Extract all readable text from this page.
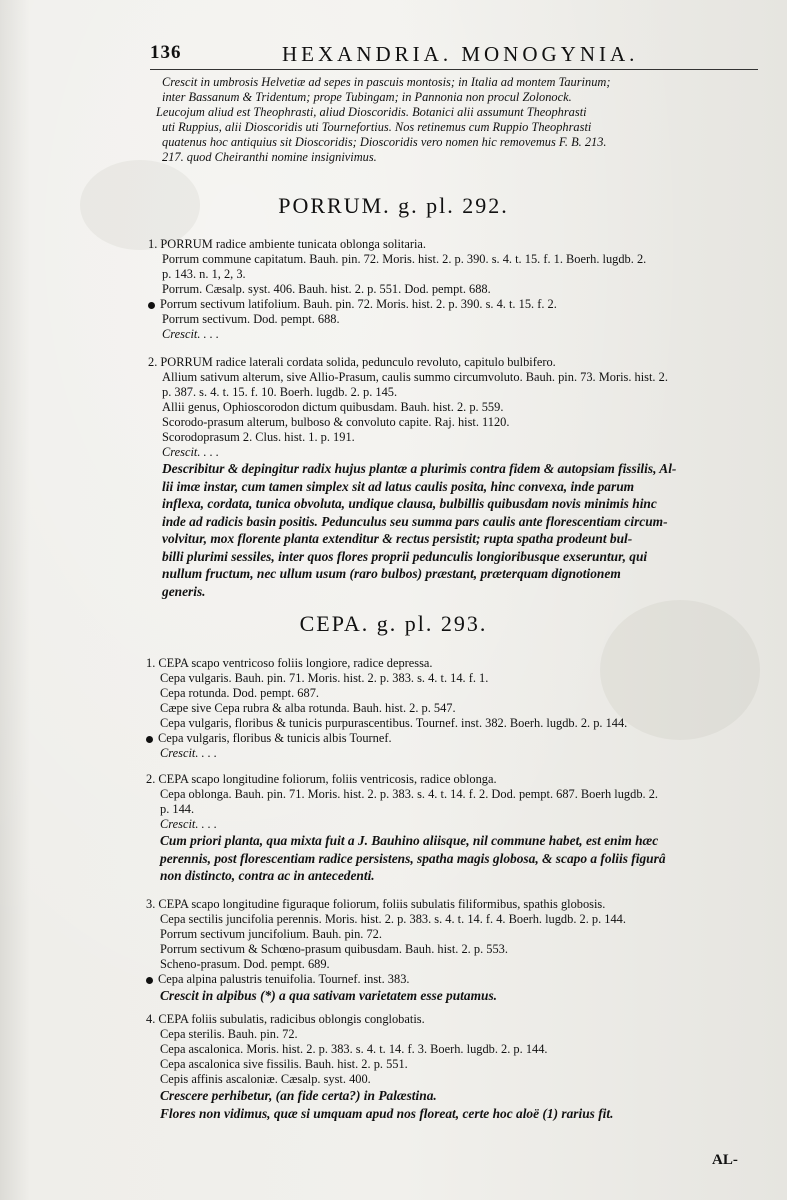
136	HEXANDRIA. MONOGYNIA.
Crescit in umbrosis Helvetiæ ad sepes in pascuis montosis; in Italia ad montem Taurinum;
inter Bassanum & Tridentum; prope Tubingam; in Pannonia non procul Zolonock.
Leucojum aliud est Theophrasti, aliud Dioscoridis. Botanici alii assumunt Theophrasti
uti Ruppius, alii Dioscoridis uti Tournefortius. Nos retinemus cum Ruppio Theophrasti
quatenus hoc antiquius sit Dioscoridis; Dioscoridis vero nomen hic removemus F. B. 213.
217. quod Cheiranthi nomine insignivimus.
PORRUM. g. pl. 292.
1. PORRUM radice ambiente tunicata oblonga solitaria.
Porrum commune capitatum. Bauh. pin. 72. Moris. hist. 2. p. 390. s. 4. t. 15. f. 1. Boerh. lugdb. 2.
p. 143. n. 1, 2, 3.
Porrum. Cæsalp. syst. 406. Bauh. hist. 2. p. 551. Dod. pempt. 688.
Porrum sectivum latifolium. Bauh. pin. 72. Moris. hist. 2. p. 390. s. 4. t. 15. f. 2.
Porrum sectivum. Dod. pempt. 688.
Crescit. . . .
2. PORRUM radice laterali cordata solida, pedunculo revoluto, capitulo bulbifero.
Allium sativum alterum, sive Allio-Prasum, caulis summo circumvoluto. Bauh. pin. 73. Moris. hist. 2.
p. 387. s. 4. t. 15. f. 10. Boerh. lugdb. 2. p. 145.
Allii genus, Ophioscorodon dictum quibusdam. Bauh. hist. 2. p. 559.
Scorodo-prasum alterum, bulboso & convoluto capite. Raj. hist. 1120.
Scorodoprasum 2. Clus. hist. 1. p. 191.
Crescit. . . .
Describitur & depingitur radix hujus plantæ a plurimis contra fidem & autopsiam fissilis, Al-
lii imæ instar, cum tamen simplex sit ad latus caulis posita, hinc convexa, inde parum
inflexa, cordata, tunica obvoluta, undique clausa, bulbillis quibusdam novis minimis hinc
inde ad radicis basin positis. Pedunculus seu summa pars caulis ante florescentiam circum-
volvitur, mox florente planta extenditur & rectus persistit; rupta spatha prodeunt bul-
billi plurimi sessiles, inter quos flores proprii pedunculis longioribusque exseruntur, qui
nullum fructum, nec ullum usum (raro bulbos) præstant, præterquam dignotionem
generis.
CEPA. g. pl. 293.
1. CEPA scapo ventricoso foliis longiore, radice depressa.
Cepa vulgaris. Bauh. pin. 71. Moris. hist. 2. p. 383. s. 4. t. 14. f. 1.
Cepa rotunda. Dod. pempt. 687.
Cæpe sive Cepa rubra & alba rotunda. Bauh. hist. 2. p. 547.
Cepa vulgaris, floribus & tunicis purpurascentibus. Tournef. inst. 382. Boerh. lugdb. 2. p. 144.
Cepa vulgaris, floribus & tunicis albis Tournef.
Crescit. . . .
2. CEPA scapo longitudine foliorum, foliis ventricosis, radice oblonga.
Cepa oblonga. Bauh. pin. 71. Moris. hist. 2. p. 383. s. 4. t. 14. f. 2. Dod. pempt. 687. Boerh lugdb. 2.
p. 144.
Crescit. . . .
Cum priori planta, qua mixta fuit a J. Bauhino aliisque, nil commune habet, est enim hæc
perennis, post florescentiam radice persistens, spatha magis globosa, & scapo a foliis figurâ
non distincto, contra ac in antecedenti.
3. CEPA scapo longitudine figuraque foliorum, foliis subulatis filiformibus, spathis globosis.
Cepa sectilis juncifolia perennis. Moris. hist. 2. p. 383. s. 4. t. 14. f. 4. Boerh. lugdb. 2. p. 144.
Porrum sectivum juncifolium. Bauh. pin. 72.
Porrum sectivum & Schœno-prasum quibusdam. Bauh. hist. 2. p. 553.
Scheno-prasum. Dod. pempt. 689.
Cepa alpina palustris tenuifolia. Tournef. inst. 383.
Crescit in alpibus (*) a qua sativam varietatem esse putamus.
4. CEPA foliis subulatis, radicibus oblongis conglobatis.
Cepa sterilis. Bauh. pin. 72.
Cepa ascalonica. Moris. hist. 2. p. 383. s. 4. t. 14. f. 3. Boerh. lugdb. 2. p. 144.
Cepa ascalonica sive fissilis. Bauh. hist. 2. p. 551.
Cepis affinis ascaloniæ. Cæsalp. syst. 400.
Crescere perhibetur, (an fide certa?) in Palæstina.
Flores non vidimus, quæ si umquam apud nos floreat, certe hoc aloë (1) rarius fit.
AL-
